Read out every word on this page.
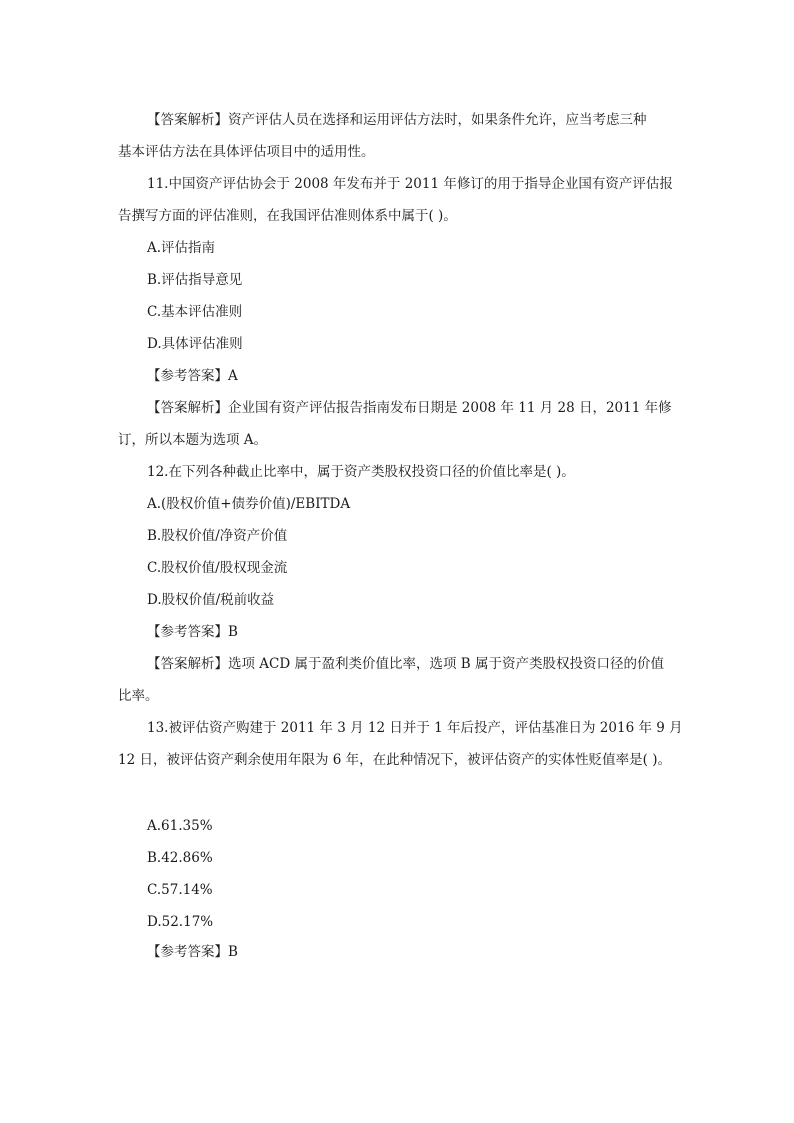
【答案解析】资产评估人员在选择和运用评估方法时，如果条件允许，应当考虑三种
基本评估方法在具体评估项目中的适用性。
11.中国资产评估协会于 2008 年发布并于 2011 年修订的用于指导企业国有资产评估报
告撰写方面的评估准则，在我国评估准则体系中属于( )。
A.评估指南
B.评估指导意见
C.基本评估准则
D.具体评估准则
【参考答案】A
【答案解析】企业国有资产评估报告指南发布日期是 2008 年 11 月 28 日，2011 年修
订，所以本题为选项 A。
12.在下列各种截止比率中，属于资产类股权投资口径的价值比率是( )。
A.(股权价值+债券价值)/EBITDA
B.股权价值/净资产价值
C.股权价值/股权现金流
D.股权价值/税前收益
【参考答案】B
【答案解析】选项 ACD 属于盈利类价值比率，选项 B 属于资产类股权投资口径的价值
比率。
13.被评估资产购建于 2011 年 3 月 12 日并于 1 年后投产，评估基准日为 2016 年 9 月
12 日，被评估资产剩余使用年限为 6 年，在此种情况下，被评估资产的实体性贬值率是( )。
A.61.35%
B.42.86%
C.57.14%
D.52.17%
【参考答案】B
